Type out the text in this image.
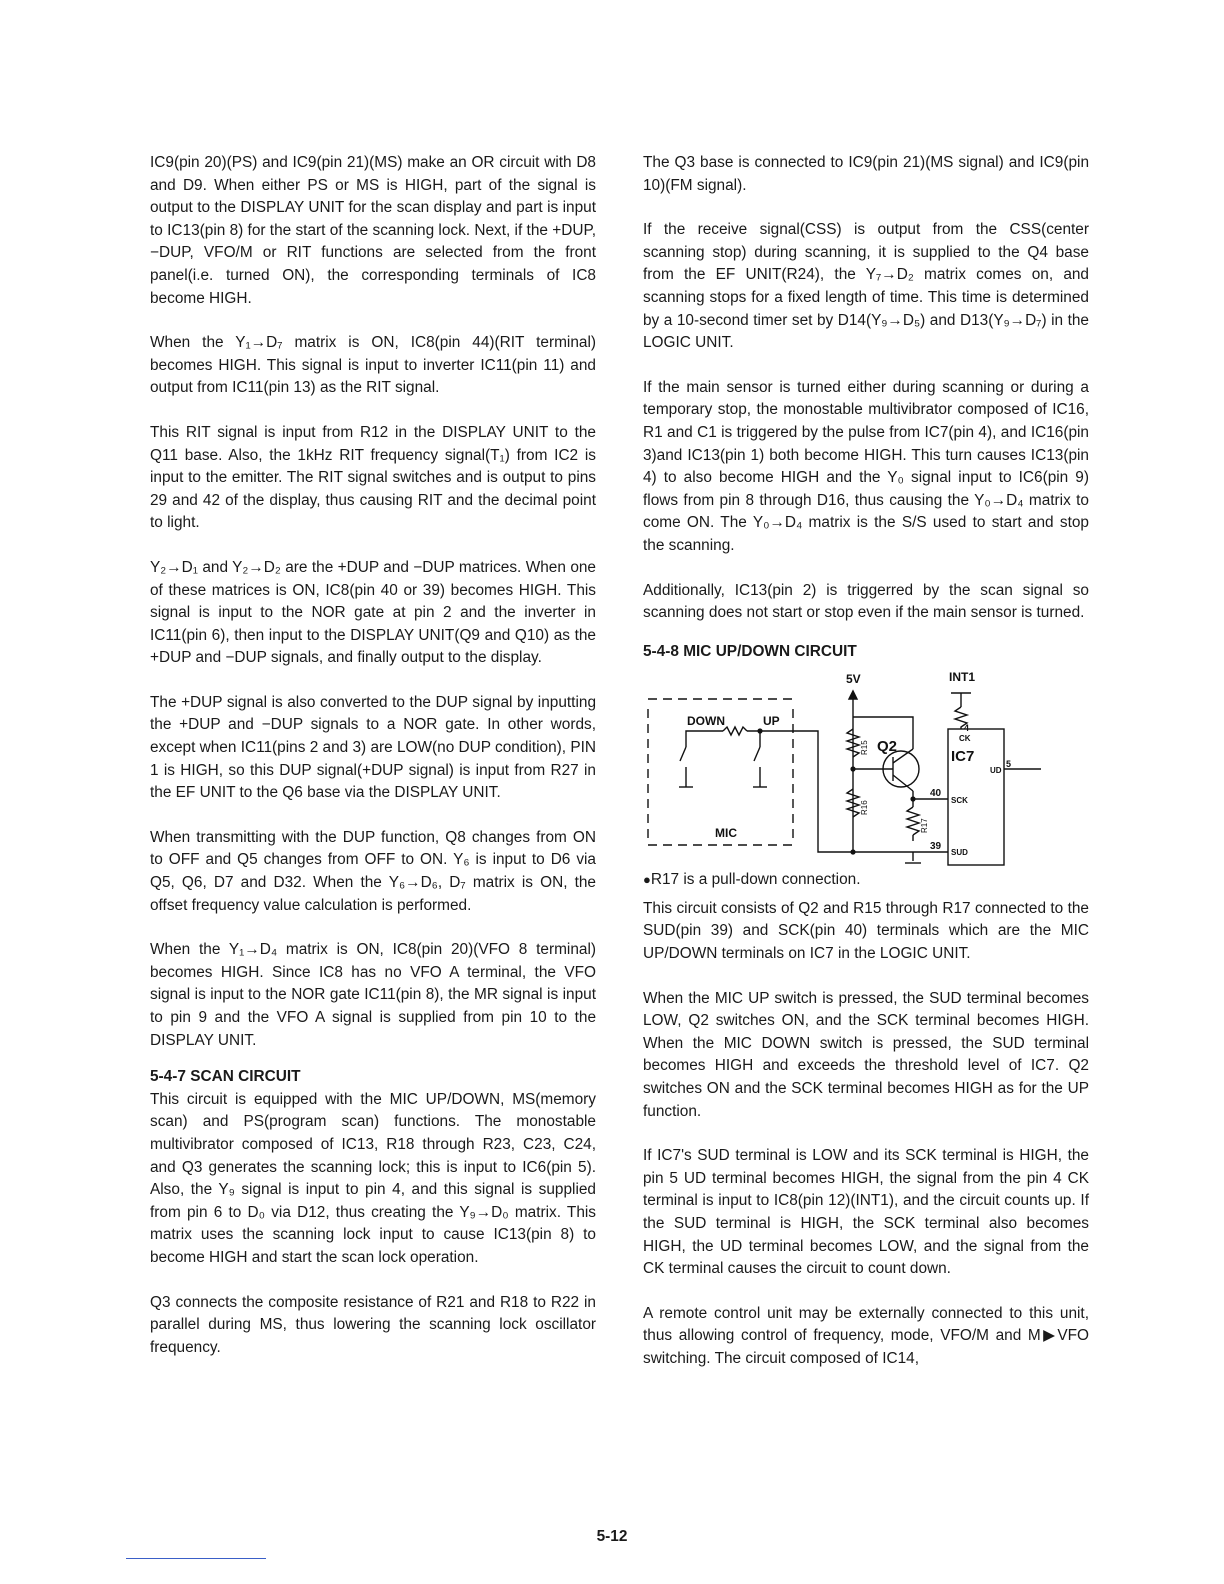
IC9(pin 20)(PS) and IC9(pin 21)(MS) make an OR circuit with D8 and D9. When either PS or MS is HIGH, part of the signal is output to the DISPLAY UNIT for the scan display and part is input to IC13(pin 8) for the start of the scanning lock. Next, if the +DUP, −DUP, VFO/M or RIT functions are selected from the front panel(i.e. turned ON), the corresponding terminals of IC8 become HIGH.

When the Y₁→D₇ matrix is ON, IC8(pin 44)(RIT terminal) becomes HIGH. This signal is input to inverter IC11(pin 11) and output from IC11(pin 13) as the RIT signal.

This RIT signal is input from R12 in the DISPLAY UNIT to the Q11 base. Also, the 1kHz RIT frequency signal(T₁) from IC2 is input to the emitter. The RIT signal switches and is output to pins 29 and 42 of the display, thus causing RIT and the decimal point to light.

Y₂→D₁ and Y₂→D₂ are the +DUP and −DUP matrices. When one of these matrices is ON, IC8(pin 40 or 39) becomes HIGH. This signal is input to the NOR gate at pin 2 and the inverter in IC11(pin 6), then input to the DISPLAY UNIT(Q9 and Q10) as the +DUP and −DUP signals, and finally output to the display.

The +DUP signal is also converted to the DUP signal by inputting the +DUP and −DUP signals to a NOR gate. In other words, except when IC11(pins 2 and 3) are LOW(no DUP condition), PIN 1 is HIGH, so this DUP signal(+DUP signal) is input from R27 in the EF UNIT to the Q6 base via the DISPLAY UNIT.

When transmitting with the DUP function, Q8 changes from ON to OFF and Q5 changes from OFF to ON. Y₆ is input to D6 via Q5, Q6, D7 and D32. When the Y₆→D₆, D₇ matrix is ON, the offset frequency value calculation is performed.

When the Y₁→D₄ matrix is ON, IC8(pin 20)(VFO 8 terminal) becomes HIGH. Since IC8 has no VFO A terminal, the VFO signal is input to the NOR gate IC11(pin 8), the MR signal is input to pin 9 and the VFO A signal is supplied from pin 10 to the DISPLAY UNIT.

5-4-7 SCAN CIRCUIT

This circuit is equipped with the MIC UP/DOWN, MS(memory scan) and PS(program scan) functions. The monostable multivibrator composed of IC13, R18 through R23, C23, C24, and Q3 generates the scanning lock; this is input to IC6(pin 5). Also, the Y₉ signal is input to pin 4, and this signal is supplied from pin 6 to D₀ via D12, thus creating the Y₉→D₀ matrix. This matrix uses the scanning lock input to cause IC13(pin 8) to become HIGH and start the scan lock operation.

Q3 connects the composite resistance of R21 and R18 to R22 in parallel during MS, thus lowering the scanning lock oscillator frequency.

The Q3 base is connected to IC9(pin 21)(MS signal) and IC9(pin 10)(FM signal).

If the receive signal(CSS) is output from the CSS(center scanning stop) during scanning, it is supplied to the Q4 base from the EF UNIT(R24), the Y₇→D₂ matrix comes on, and scanning stops for a fixed length of time. This time is determined by a 10-second timer set by D14(Y₉→D₅) and D13(Y₉→D₇) in the LOGIC UNIT.

If the main sensor is turned either during scanning or during a temporary stop, the monostable multivibrator composed of IC16, R1 and C1 is triggered by the pulse from IC7(pin 4), and IC16(pin 3)and IC13(pin 1) both become HIGH. This turn causes IC13(pin 4) to also become HIGH and the Y₀ signal input to IC6(pin 9) flows from pin 8 through D16, thus causing the Y₀→D₄ matrix to come ON. The Y₀→D₄ matrix is the S/S used to start and stop the scanning.

Additionally, IC13(pin 2) is triggerred by the scan signal so scanning does not start or stop even if the main sensor is turned.

5-4-8 MIC UP/DOWN CIRCUIT
5V	INT1
DOWN	UP
MIC
Q2
IC7
CK
UD
SCK
SUD
4
5
40
39
R15
R16
R17

●R17 is a pull-down connection.

This circuit consists of Q2 and R15 through R17 connected to the SUD(pin 39) and SCK(pin 40) terminals which are the MIC UP/DOWN terminals on IC7 in the LOGIC UNIT.

When the MIC UP switch is pressed, the SUD terminal becomes LOW, Q2 switches ON, and the SCK terminal becomes HIGH. When the MIC DOWN switch is pressed, the SUD terminal becomes HIGH and exceeds the threshold level of IC7. Q2 switches ON and the SCK terminal becomes HIGH as for the UP function.

If IC7's SUD terminal is LOW and its SCK terminal is HIGH, the pin 5 UD terminal becomes HIGH, the signal from the pin 4 CK terminal is input to IC8(pin 12)(INT1), and the circuit counts up. If the SUD terminal is HIGH, the SCK terminal also becomes HIGH, the UD terminal becomes LOW, and the signal from the CK terminal causes the circuit to count down.

A remote control unit may be externally connected to this unit, thus allowing control of frequency, mode, VFO/M and M▶VFO switching. The circuit composed of IC14,

5-12
